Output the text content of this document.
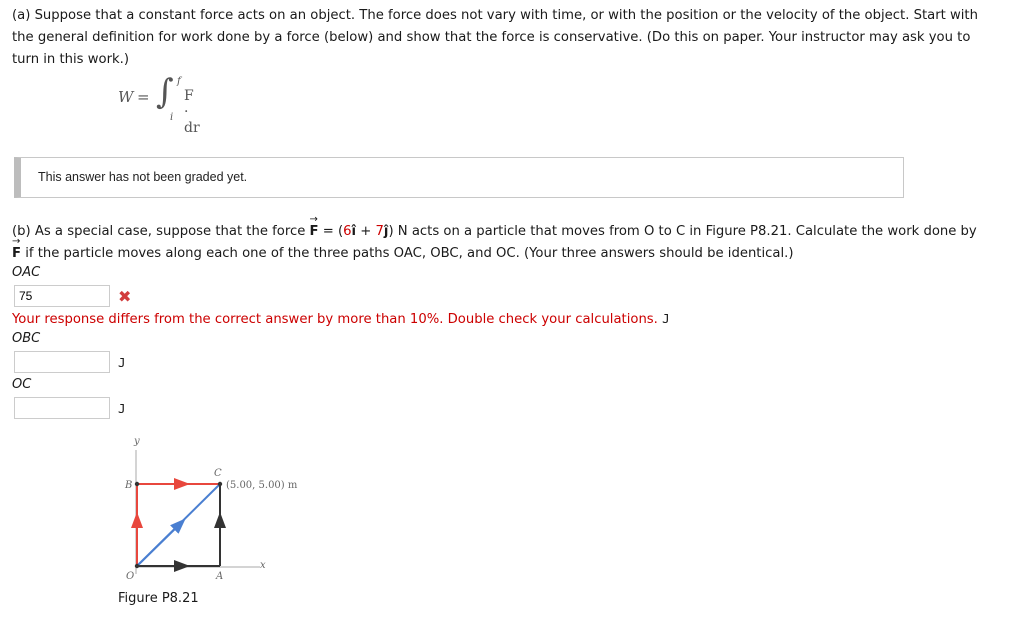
(a) Suppose that a constant force acts on an object. The force does not vary with time, or with the position or the velocity of the object. Start with
the general definition for work done by a force (below) and show that the force is conservative. (Do this on paper. Your instructor may ask you to
turn in this work.)
W = ∫ f
i
F · dr
This answer has not been graded yet.
(b) As a special case, suppose that the force → F = (6î + 7ĵ) N acts on a particle that moves from O to C in Figure P8.21. Calculate the work done by
→ F if the particle moves along each one of the three paths OAC, OBC, and OC. (Your three answers should be identical.)
OAC
75
✖
Your response differs from the correct answer by more than 10%. Double check your calculations. J
OBC
J
OC
J
y
x
B
C
O	A
(5.00, 5.00) m
Figure P8.21
